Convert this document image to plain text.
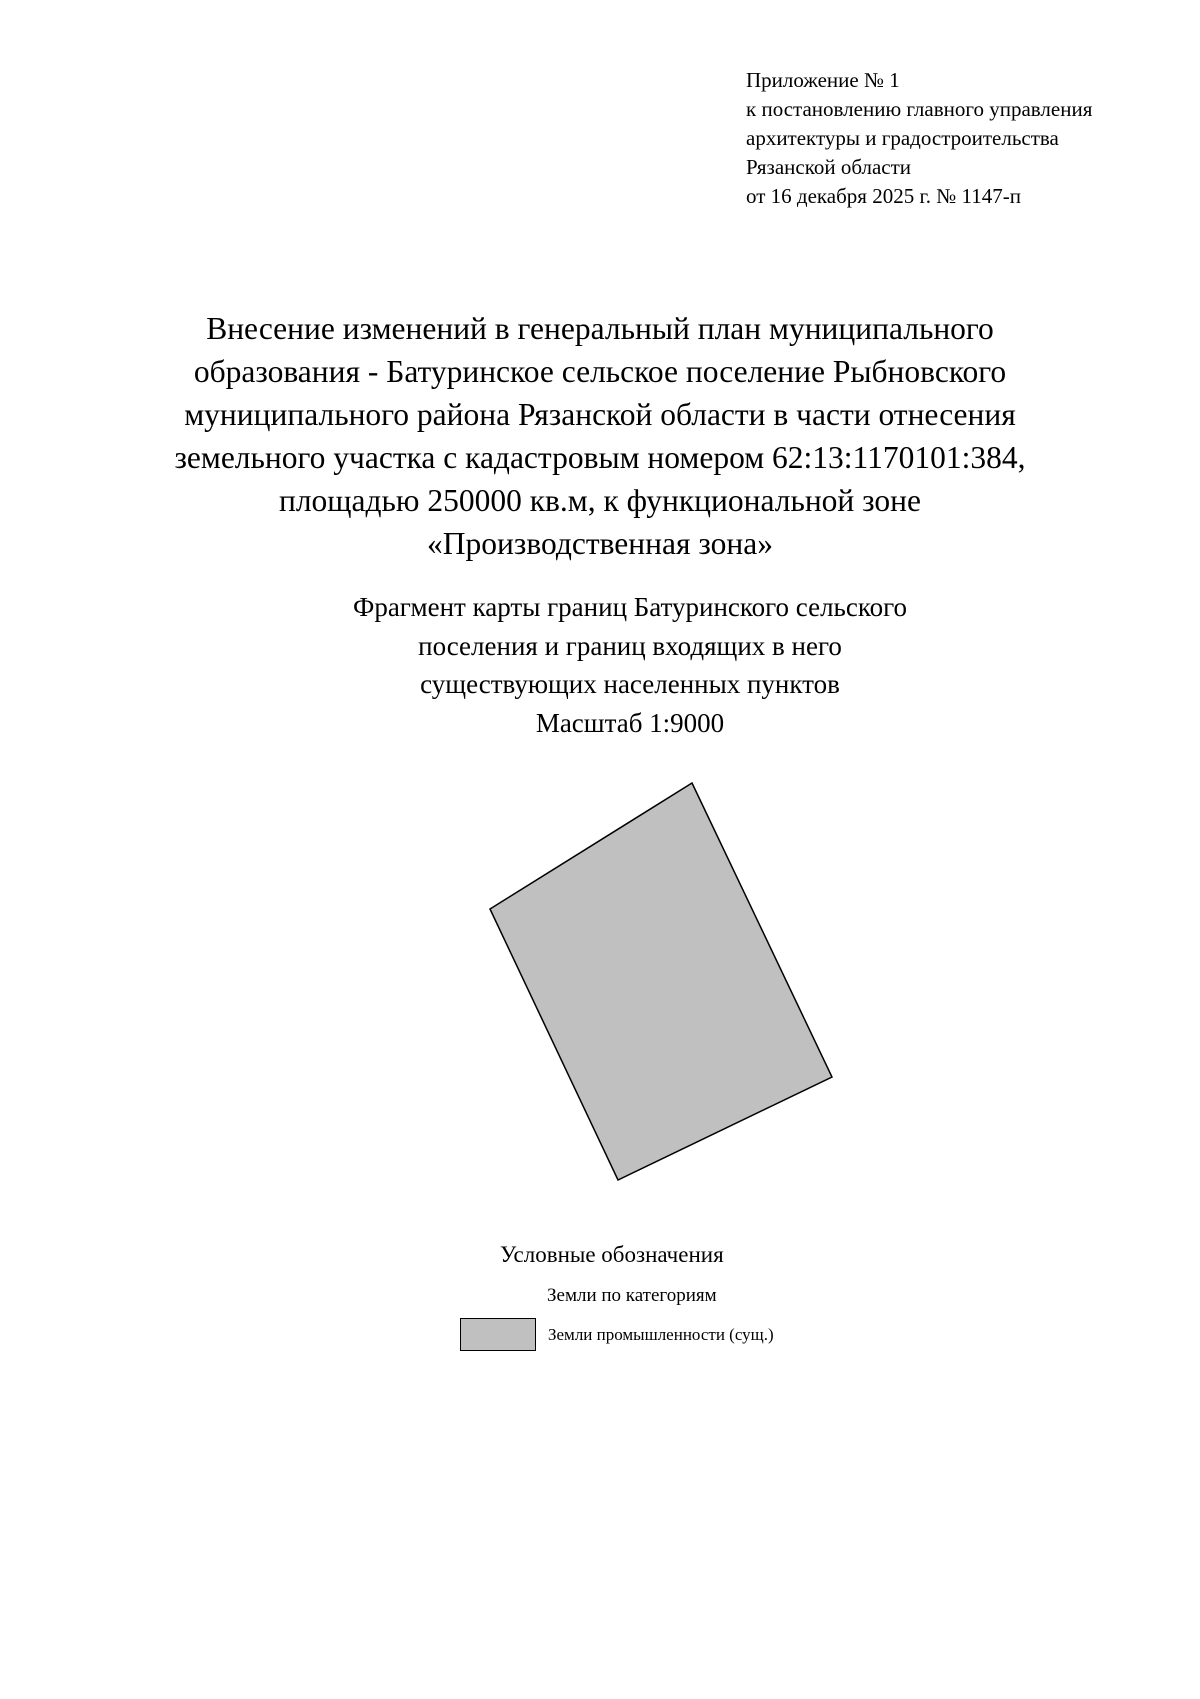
Приложение № 1
к постановлению главного управления
архитектуры и градостроительства
Рязанской области
от 16 декабря 2025 г. № 1147-п
Внесение изменений в генеральный план муниципального
образования - Батуринское сельское поселение Рыбновского
муниципального района Рязанской области в части отнесения
земельного участка с кадастровым номером 62:13:1170101:384,
площадью 250000 кв.м, к функциональной зоне
«Производственная зона»
Фрагмент карты границ Батуринского сельского
поселения и границ входящих в него
существующих населенных пунктов
Масштаб 1:9000
Условные обозначения
Земли по категориям
Земли промышленности (сущ.)
